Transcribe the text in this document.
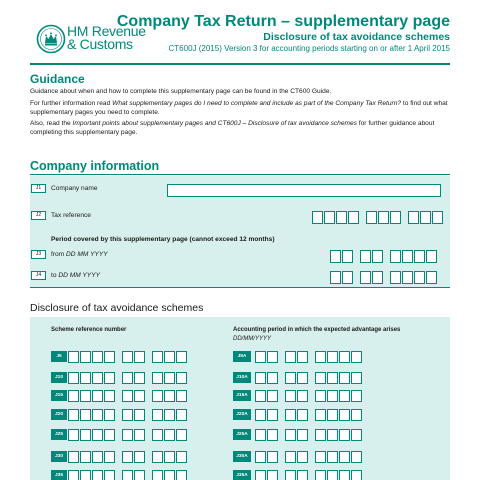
HM Revenue
& Customs
Company Tax Return – supplementary page
Disclosure of tax avoidance schemes
CT600J (2015) Version 3 for accounting periods starting on or after 1 April 2015
Guidance

Guidance about when and how to complete this supplementary page can be found in the CT600 Guide.

For further information read What supplementary pages do I need to complete and include as part of the Company Tax Return? to find out what supplementary pages you need to complete.

Also, read the Important points about supplementary pages and CT600J – Disclosure of tax avoidance schemes for further guidance about completing this supplementary page.

Company information
J1	Company name
J2	Tax reference
Period covered by this supplementary page (cannot exceed 12 months)
J3	from DD MM YYYY
J4	to DD MM YYYY
Disclosure of tax avoidance schemes
Scheme reference number	Accounting period in which the expected advantage arises
DD/MM/YYYY
J5	J5A
J10	J10A
J15	J15A
J20	J20A
J25	J25A
J30	J30A
J35	J35A
